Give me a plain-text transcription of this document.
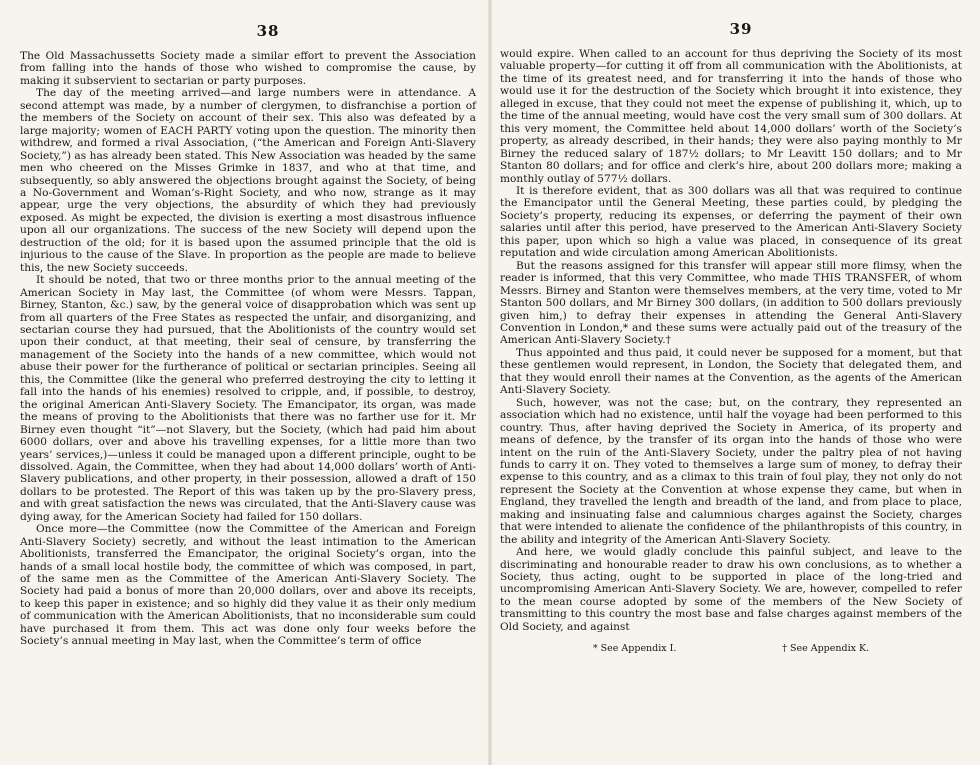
38

The Old Massachussetts Society made a similar effort to prevent the Association from falling into the hands of those who wished to compromise the cause, by making it subservient to sectarian or party purposes.

The day of the meeting arrived—and large numbers were in attendance. A second attempt was made, by a number of clergymen, to disfranchise a portion of the members of the Society on account of their sex. This also was defeated by a large majority; women of EACH PARTY voting upon the question. The minority then withdrew, and formed a rival Association, (“the American and Foreign Anti-Slavery Society,”) as has already been stated. This New Association was headed by the same men who cheered on the Misses Grimke in 1837, and who at that time, and subsequently, so ably answered the objections brought against the Society, of being a No-Government and Woman’s-Right Society, and who now, strange as it may appear, urge the very objections, the absurdity of which they had previously exposed. As might be expected, the division is exerting a most disastrous influence upon all our organizations. The success of the new Society will depend upon the destruction of the old; for it is based upon the assumed principle that the old is injurious to the cause of the Slave. In proportion as the people are made to believe this, the new Society succeeds.

It should be noted, that two or three months prior to the annual meeting of the American Society in May last, the Committee (of whom were Messrs. Tappan, Birney, Stanton, &c.) saw, by the general voice of disapprobation which was sent up from all quarters of the Free States as respected the unfair, and disorganizing, and sectarian course they had pursued, that the Abolitionists of the country would set upon their conduct, at that meeting, their seal of censure, by transferring the management of the Society into the hands of a new committee, which would not abuse their power for the furtherance of political or sectarian principles. Seeing all this, the Committee (like the general who preferred destroying the city to letting it fall into the hands of his enemies) resolved to cripple, and, if possible, to destroy, the original American Anti-Slavery Society. The Emancipator, its organ, was made the means of proving to the Abolitionists that there was no farther use for it. Mr Birney even thought “it”—not Slavery, but the Society, (which had paid him about 6000 dollars, over and above his travelling expenses, for a little more than two years’ services,)—unless it could be managed upon a different principle, ought to be dissolved. Again, the Committee, when they had about 14,000 dollars’ worth of Anti-Slavery publications, and other property, in their possession, allowed a draft of 150 dollars to be protested. The Report of this was taken up by the pro-Slavery press, and with great satisfaction the news was circulated, that the Anti-Slavery cause was dying away, for the American Society had failed for 150 dollars.

Once more—the Committee (now the Committee of the American and Foreign Anti-Slavery Society) secretly, and without the least intimation to the American Abolitionists, transferred the Emancipator, the original Society’s organ, into the hands of a small local hostile body, the committee of which was composed, in part, of the same men as the Committee of the American Anti-Slavery Society. The Society had paid a bonus of more than 20,000 dollars, over and above its receipts, to keep this paper in existence; and so highly did they value it as their only medium of communication with the American Abolitionists, that no inconsiderable sum could have purchased it from them. This act was done only four weeks before the Society’s annual meeting in May last, when the Committee’s term of office

39

would expire. When called to an account for thus depriving the Society of its most valuable property—for cutting it off from all communication with the Abolitionists, at the time of its greatest need, and for transferring it into the hands of those who would use it for the destruction of the Society which brought it into existence, they alleged in excuse, that they could not meet the expense of publishing it, which, up to the time of the annual meeting, would have cost the very small sum of 300 dollars. At this very moment, the Committee held about 14,000 dollars’ worth of the Society’s property, as already described, in their hands; they were also paying monthly to Mr Birney the reduced salary of 187½ dollars; to Mr Leavitt 150 dollars; and to Mr Stanton 80 dollars; and for office and clerk’s hire, about 200 dollars more; making a monthly outlay of 577½ dollars.

It is therefore evident, that as 300 dollars was all that was required to continue the Emancipator until the General Meeting, these parties could, by pledging the Society’s property, reducing its expenses, or deferring the payment of their own salaries until after this period, have preserved to the American Anti-Slavery Society this paper, upon which so high a value was placed, in consequence of its great reputation and wide circulation among American Abolitionists.

But the reasons assigned for this transfer will appear still more flimsy, when the reader is informed, that this very Committee, who made THIS TRANSFER, of whom Messrs. Birney and Stanton were themselves members, at the very time, voted to Mr Stanton 500 dollars, and Mr Birney 300 dollars, (in addition to 500 dollars previously given him,) to defray their expenses in attending the General Anti-Slavery Convention in London,* and these sums were actually paid out of the treasury of the American Anti-Slavery Society.†

Thus appointed and thus paid, it could never be supposed for a moment, but that these gentlemen would represent, in London, the Society that delegated them, and that they would enroll their names at the Convention, as the agents of the American Anti-Slavery Society.

Such, however, was not the case; but, on the contrary, they represented an association which had no existence, until half the voyage had been performed to this country. Thus, after having deprived the Society in America, of its property and means of defence, by the transfer of its organ into the hands of those who were intent on the ruin of the Anti-Slavery Society, under the paltry plea of not having funds to carry it on. They voted to themselves a large sum of money, to defray their expense to this country, and as a climax to this train of foul play, they not only do not represent the Society at the Convention at whose expense they came, but when in England, they travelled the length and breadth of the land, and from place to place, making and insinuating false and calumnious charges against the Society, charges that were intended to alienate the confidence of the philanthropists of this country, in the ability and integrity of the American Anti-Slavery Society.

And here, we would gladly conclude this painful subject, and leave to the discriminating and honourable reader to draw his own conclusions, as to whether a Society, thus acting, ought to be supported in place of the long-tried and uncompromising American Anti-Slavery Society. We are, however, compelled to refer to the mean course adopted by some of the members of the New Society of transmitting to this country the most base and false charges against members of the Old Society, and against

* See Appendix I.	† See Appendix K.
